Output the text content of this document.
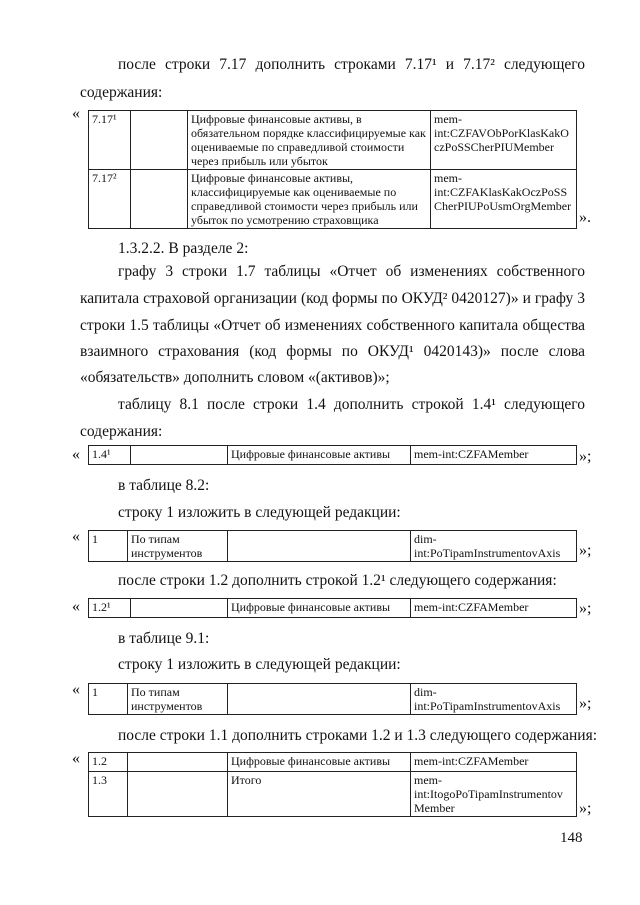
после строки 7.17 дополнить строками 7.17¹ и 7.17² следующего
содержания:
« 7.17¹		Цифровые финансовые активы, в обязательном порядке классифицируемые как оцениваемые по справедливой стоимости через прибыль или убыток	mem-int:CZFAVObPorKlasKakOczPoSSCherPIUMember
7.17²		Цифровые финансовые активы, классифицируемые как оцениваемые по справедливой стоимости через прибыль или убыток по усмотрению страховщика	mem-int:CZFAKlasKakOczPoSSCherPIUPoUsmOrgMember
».
1.3.2.2. В разделе 2:
графу 3 строки 1.7 таблицы «Отчет об изменениях собственного
капитала страховой организации (код формы по ОКУД² 0420127)» и графу 3
строки 1.5 таблицы «Отчет об изменениях собственного капитала общества
взаимного страхования (код формы по ОКУД¹ 0420143)» после слова
«обязательств» дополнить словом «(активов)»;
таблицу 8.1 после строки 1.4 дополнить строкой 1.4¹ следующего
содержания:
« 1.4¹		Цифровые финансовые активы	mem-int:CZFAMember	»;
в таблице 8.2:
строку 1 изложить в следующей редакции:
« 1	По типам инструментов		dim-int:PoTipamInstrumentovAxis »;
после строки 1.2 дополнить строкой 1.2¹ следующего содержания:
« 1.2¹		Цифровые финансовые активы	mem-int:CZFAMember	»;
в таблице 9.1:
строку 1 изложить в следующей редакции:
« 1	По типам инструментов		dim-int:PoTipamInstrumentovAxis »;
после строки 1.1 дополнить строками 1.2 и 1.3 следующего содержания:
« 1.2		Цифровые финансовые активы	mem-int:CZFAMember
1.3		Итого	mem-int:ItogoPoTipamInstrumentovMember	»;
148
